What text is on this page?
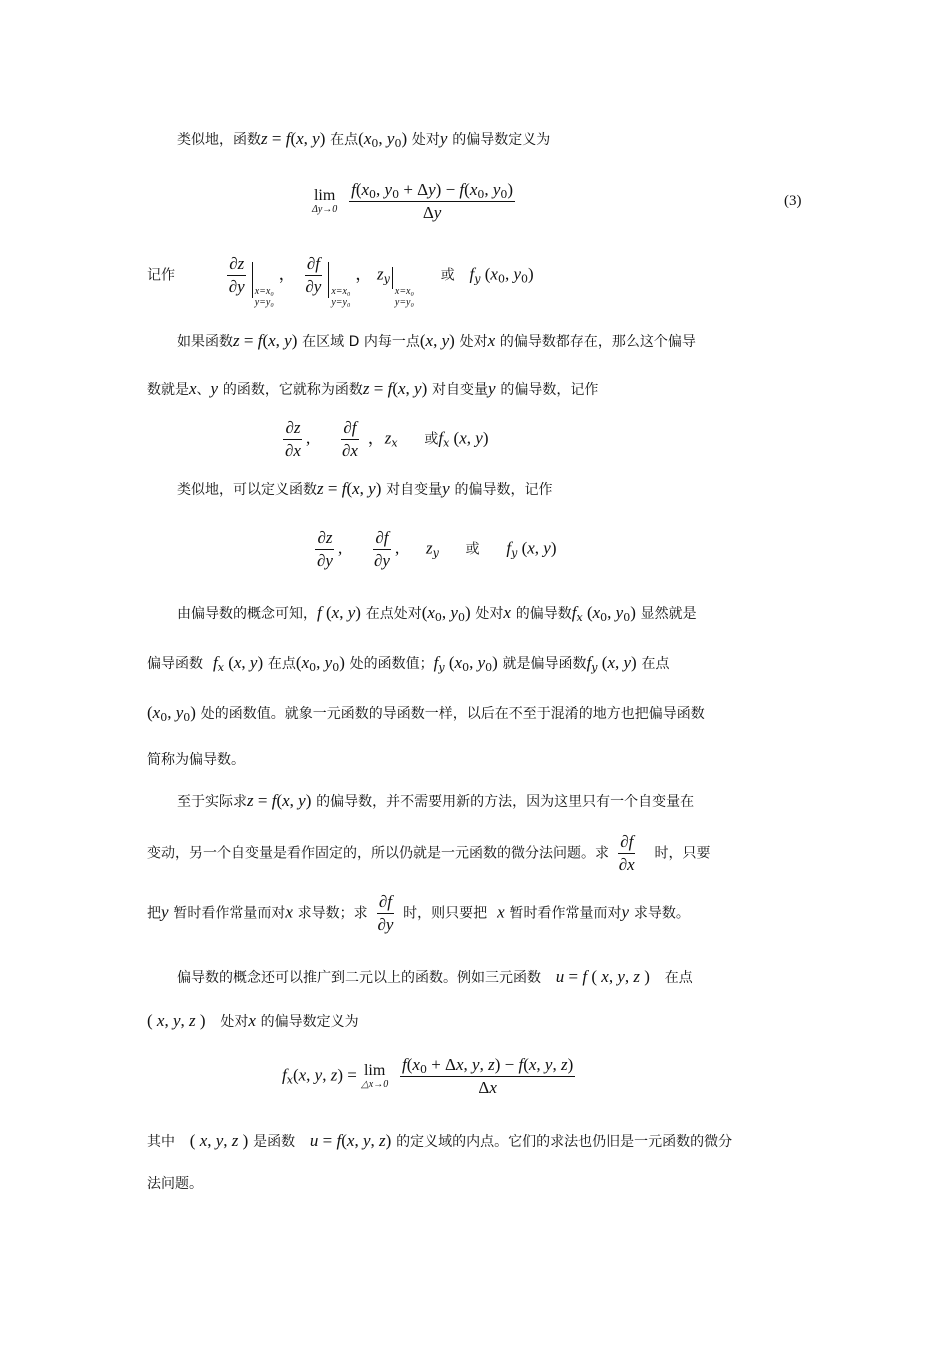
类似地，函数z = f(x, y) 在点($x_0$, $y_0$) 处对y 的偏导数定义为
lim
Δy→0
$\frac{f(x_0, y_0 + \Delta y) - f(x_0, y_0)}{\Delta y}$	(3)
记作	$\frac{\partial z}{\partial y} x=x_0$
y=y₀
， $\frac{\partial f}{\partial y} x=x_0$
y=y₀
， $z_y$
x=x₀
y=y₀
或 $f_y$ ($x_0$, $y_0$)
如果函数z = f(x, y) 在区域 D 内每一点(x, y) 处对x 的偏导数都存在，那么这个偏导
数就是x、y 的函数，它就称为函数z = f(x, y) 对自变量y 的偏导数，记作
$\frac{\partial z}{\partial x}$ , $\frac{\partial f}{\partial x}$ ，$z_x$ 或$f_x$ (x, y)
类似地，可以定义函数z = f(x, y) 对自变量y 的偏导数，记作
$\frac{\partial z}{\partial y}$ , $\frac{\partial f}{\partial y}$ , $z_y$ 或 $f_y$ (x, y)
由偏导数的概念可知，f (x, y) 在点处对($x_0$, $y_0$) 处对x 的偏导数$f_x$ ($x_0$, $y_0$) 显然就是
偏导函数 $f_x$ (x, y) 在点($x_0$, $y_0$) 处的函数值；$f_y$ ($x_0$, $y_0$) 就是偏导函数$f_y$ (x, y) 在点
($x_0$, $y_0$) 处的函数值。就象一元函数的导函数一样，以后在不至于混淆的地方也把偏导函数
简称为偏导数。
至于实际求z = f(x, y) 的偏导数，并不需要用新的方法，因为这里只有一个自变量在
变动，另一个自变量是看作固定的，所以仍就是一元函数的微分法问题。求 $\frac{\partial f}{\partial x}$ 时，只要
把y 暂时看作常量而对x 求导数；求 $\frac{\partial f}{\partial y}$ 时，则只要把 x 暂时看作常量而对y 求导数。
偏导数的概念还可以推广到二元以上的函数。例如三元函数 u = f ( x, y, z ) 在点
( x, y, z ) 处对x 的偏导数定义为
$f_x(x$, y, z) = lim
△x→0
$\frac{f(x_0 + \Delta x, y, z) - f(x, y, z)}{\Delta x}$
其中 ( x, y, z ) 是函数 u = f(x, y, z) 的定义域的内点。它们的求法也仍旧是一元函数的微分
法问题。
